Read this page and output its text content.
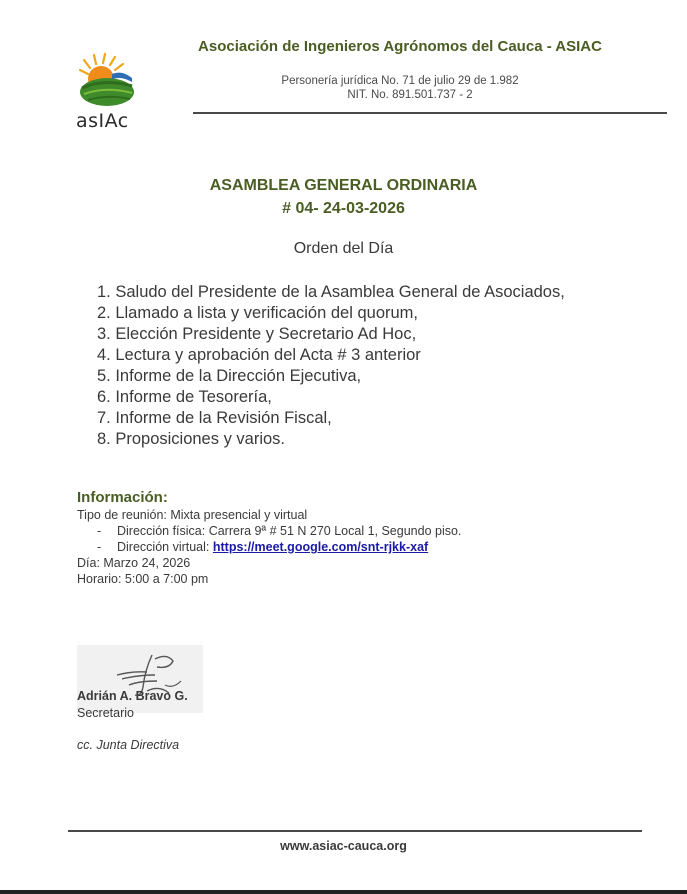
asIAc
Asociación de Ingenieros Agrónomos del Cauca - ASIAC
Personería jurídica No. 71 de julio 29 de 1.982
NIT. No. 891.501.737 - 2
ASAMBLEA GENERAL ORDINARIA
# 04- 24-03-2026
Orden del Día
1. Saludo del Presidente de la Asamblea General de Asociados,
2. Llamado a lista y verificación del quorum,
3. Elección Presidente y Secretario Ad Hoc,
4. Lectura y aprobación del Acta # 3 anterior
5. Informe de la Dirección Ejecutiva,
6. Informe de Tesorería,
7. Informe de la Revisión Fiscal,
8. Proposiciones y varios.
Información:
Tipo de reunión: Mixta presencial y virtual
- Dirección física: Carrera 9ª # 51 N 270 Local 1, Segundo piso.
- Dirección virtual: https://meet.google.com/snt-rjkk-xaf
Día: Marzo 24, 2026
Horario: 5:00 a 7:00 pm
Adrián A. Bravo G.
Secretario
cc. Junta Directiva
www.asiac-cauca.org
